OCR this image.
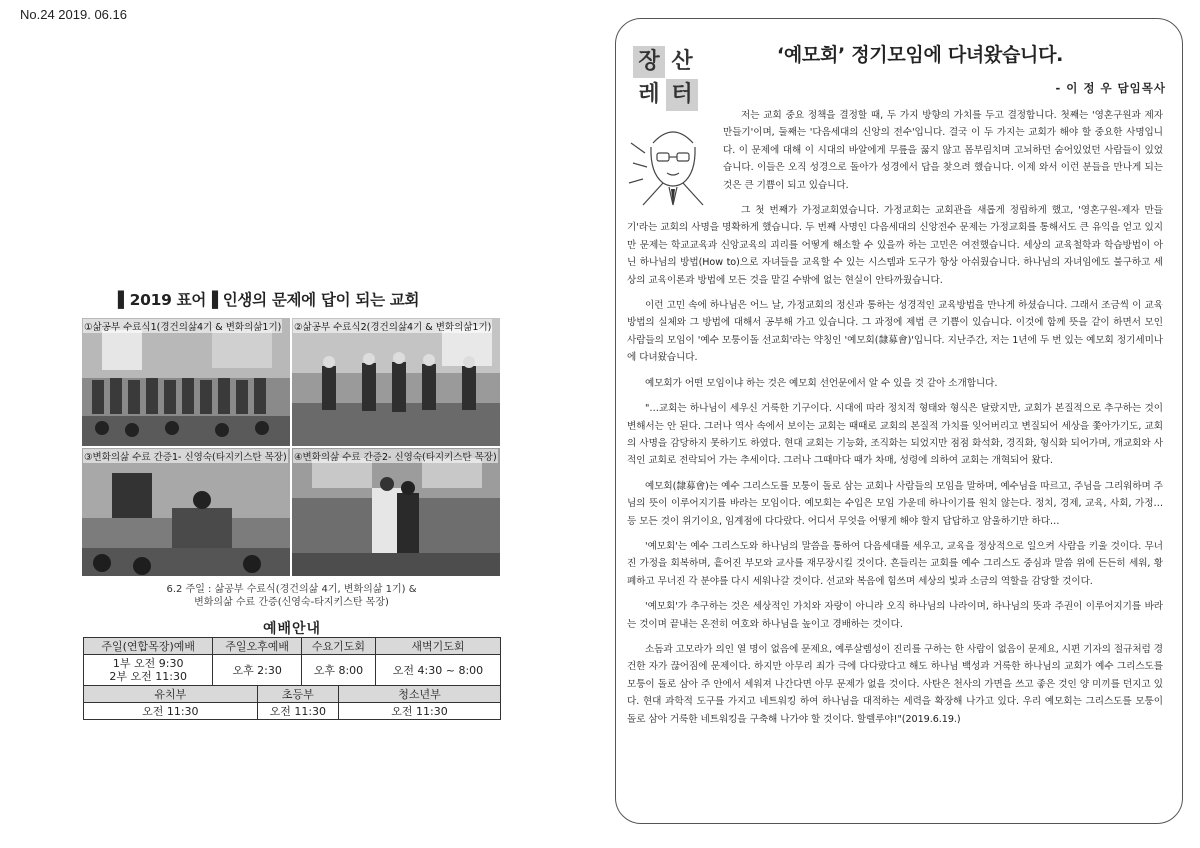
No.24 2019. 06.16
▌2019 표어▐ 인생의 문제에 답이 되는 교회
①삶공부 수료식1(경건의삶4기 & 변화의삶1기) ②삶공부 수료식2(경건의삶4기 & 변화의삶1기)
③변화의삶 수료 간증1- 신영숙(타지키스탄 목장) ④변화의삶 수료 간증2- 신영숙(타지키스탄 목장)
6.2 주일 : 삶공부 수료식(경건의삶 4기, 변화의삶 1기) &
변화의삶 수료 간증(신영숙-타지키스탄 목장)
예배안내
주일(연합목장)예배	주일오후예배		수요기도회		새벽기도회

1부 오전 9:30
2부 오전 11:30	오후 2:30		오후 8:00		오전 4:30 ~ 8:00
유치부		초등부		청소년부	
오전 11:30		오전 11:30		오전 11:30	
장 산
레 터
‘예모회’ 정기모임에 다녀왔습니다.
- 이 정 우 담임목사

저는 교회 중요 정책을 결정할 때, 두 가지 방향의 가치를 두고 결정합니다. 첫째는 '영혼구원과 제자 만들기'이며, 둘째는 '다음세대의 신앙의 전수'입니다. 결국 이 두 가지는 교회가 해야 할 중요한 사명입니다. 이 문제에 대해 이 시대의 바알에게 무릎을 꿇지 않고 몸부림치며 고뇌하던 숨어있었던 사람들이 있었습니다. 이들은 오직 성경으로 돌아가 성경에서 답을 찾으려 했습니다. 이제 와서 이런 분들을 만나게 되는 것은 큰 기쁨이 되고 있습니다.

그 첫 번째가 가정교회였습니다. 가정교회는 교회관을 새롭게 정립하게 했고, '영혼구원-제자 만들기'라는 교회의 사명을 명확하게 했습니다. 두 번째 사명인 다음세대의 신앙전수 문제는 가정교회를 통해서도 큰 유익을 얻고 있지만 문제는 학교교육과 신앙교육의 괴리를 어떻게 해소할 수 있을까 하는 고민은 여전했습니다. 세상의 교육철학과 학습방법이 아닌 하나님의 방법(How to)으로 자녀들을 교육할 수 있는 시스템과 도구가 항상 아쉬웠습니다. 하나님의 자녀임에도 불구하고 세상의 교육이론과 방법에 모든 것을 맡길 수밖에 없는 현실이 안타까웠습니다.

이런 고민 속에 하나님은 어느 날, 가정교회의 정신과 통하는 성경적인 교육방법을 만나게 하셨습니다. 그래서 조금씩 이 교육방법의 실체와 그 방법에 대해서 공부해 가고 있습니다. 그 과정에 제법 큰 기쁨이 있습니다. 이것에 함께 뜻을 같이 하면서 모인 사람들의 모임이 '예수 모퉁이돌 선교회'라는 약칭인 '예모회(隸募會)'입니다. 지난주간, 저는 1년에 두 번 있는 예모회 정기세미나에 다녀왔습니다.

예모회가 어떤 모임이냐 하는 것은 예모회 선언문에서 알 수 있을 것 같아 소개합니다.

"…교회는 하나님이 세우신 거룩한 기구이다. 시대에 따라 정치적 형태와 형식은 달랐지만, 교회가 본질적으로 추구하는 것이 변해서는 안 된다. 그러나 역사 속에서 보이는 교회는 때때로 교회의 본질적 가치를 잊어버리고 변질되어 세상을 쫓아가기도, 교회의 사명을 감당하지 못하기도 하였다. 현대 교회는 기능화, 조직화는 되었지만 점점 화석화, 경직화, 형식화 되어가며, 개교회와 사적인 교회로 전락되어 가는 추세이다. 그러나 그때마다 때가 차매, 성령에 의하여 교회는 개혁되어 왔다.

예모회(隸募會)는 예수 그리스도를 모퉁이 돌로 삼는 교회나 사람들의 모임을 말하며, 예수님을 따르고, 주님을 그리워하며 주님의 뜻이 이루어지기를 바라는 모임이다. 예모회는 수입은 모임 가운데 하나이기를 원치 않는다. 정치, 경제, 교육, 사회, 가정…등 모든 것이 위기이요, 임계점에 다다랐다. 어디서 무엇을 어떻게 해야 할지 답답하고 암울하기만 하다…

'예모회'는 예수 그리스도와 하나님의 말씀을 통하여 다음세대를 세우고, 교육을 정상적으로 일으켜 사람을 키울 것이다. 무너진 가정을 회복하며, 흩어진 부모와 교사를 재무장시킬 것이다. 흔들리는 교회를 예수 그리스도 중심과 말씀 위에 든든히 세워, 황폐하고 무너진 각 분야를 다시 세워나갈 것이다. 선교와 복음에 힘쓰며 세상의 빛과 소금의 역할을 감당할 것이다.

'예모회'가 추구하는 것은 세상적인 가치와 자랑이 아니라 오직 하나님의 나라이며, 하나님의 뜻과 주권이 이루어지기를 바라는 것이며 끝내는 온전히 여호와 하나님을 높이고 경배하는 것이다.

소돔과 고모라가 의인 열 명이 없음에 문제요, 예루살렘성이 진리를 구하는 한 사람이 없음이 문제요, 시편 기자의 절규처럼 경건한 자가 끊어짐에 문제이다. 하지만 아무리 죄가 극에 다다랐다고 해도 하나님 백성과 거룩한 하나님의 교회가 예수 그리스도를 모퉁이 돌로 삼아 주 안에서 세워져 나간다면 아무 문제가 없을 것이다. 사탄은 천사의 가면을 쓰고 좋은 것인 양 미끼를 던지고 있다. 현대 과학적 도구를 가지고 네트워킹 하여 하나님을 대적하는 세력을 확장해 나가고 있다. 우리 예모회는 그리스도를 모퉁이 돌로 삼아 거룩한 네트워킹을 구축해 나가야 할 것이다. 할렐루야!"(2019.6.19.)
